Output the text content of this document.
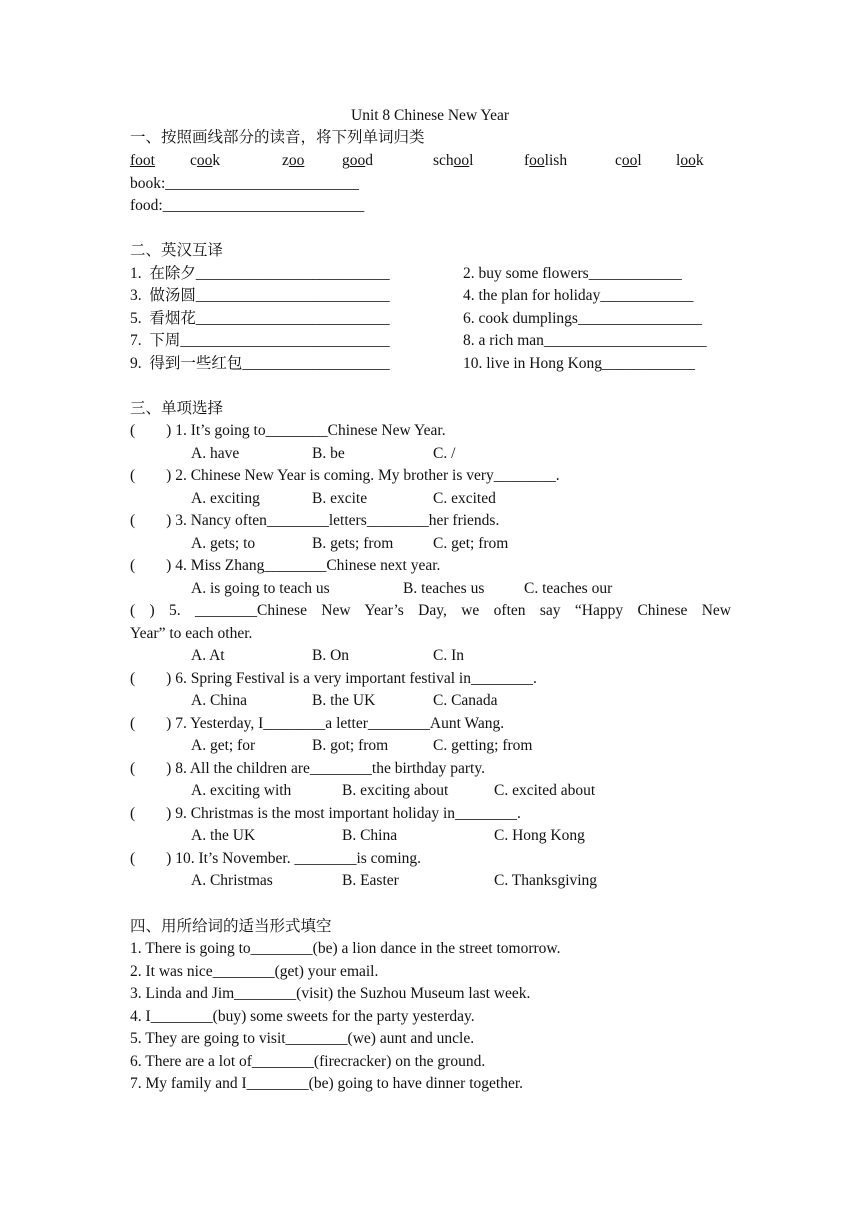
Unit 8 Chinese New Year
一、按照画线部分的读音，将下列单词归类
foot cook	zoo good	school	foolish	cool look
book:_________________________
food:__________________________
二、英汉互译
1.  在除夕_________________________	2. buy some flowers____________
3.  做汤圆_________________________	4. the plan for holiday____________
5.  看烟花_________________________	6. cook dumplings________________
7.  下周___________________________	8. a rich man_____________________
9.  得到一些红包___________________	10. live in Hong Kong____________
三、单项选择
(        ) 1. It’s going to________Chinese New Year.
A. have	B. be	C. /
(        ) 2. Chinese New Year is coming. My brother is very________.
A. exciting	B. excite	C. excited
(        ) 3. Nancy often________letters________her friends.
A. gets; to	B. gets; from	C. get; from
(        ) 4. Miss Zhang________Chinese next year.
A. is going to teach us	B. teaches us	C. teaches our
( ) 5. ________Chinese New Year’s Day, we often say “Happy Chinese New
Year” to each other.
A. At	B. On	C. In
(        ) 6. Spring Festival is a very important festival in________.
A. China	B. the UK	C. Canada
(        ) 7. Yesterday, I________a letter________Aunt Wang.
A. get; for	B. got; from	C. getting; from
(        ) 8. All the children are________the birthday party.
A. exciting with	B. exciting about	C. excited about
(        ) 9. Christmas is the most important holiday in________.
A. the UK	B. China	C. Hong Kong
(        ) 10. It’s November. ________is coming.
A. Christmas	B. Easter	C. Thanksgiving
四、用所给词的适当形式填空
1. There is going to________(be) a lion dance in the street tomorrow.
2. It was nice________(get) your email.
3. Linda and Jim________(visit) the Suzhou Museum last week.
4. I________(buy) some sweets for the party yesterday.
5. They are going to visit________(we) aunt and uncle.
6. There are a lot of________(firecracker) on the ground.
7. My family and I________(be) going to have dinner together.
